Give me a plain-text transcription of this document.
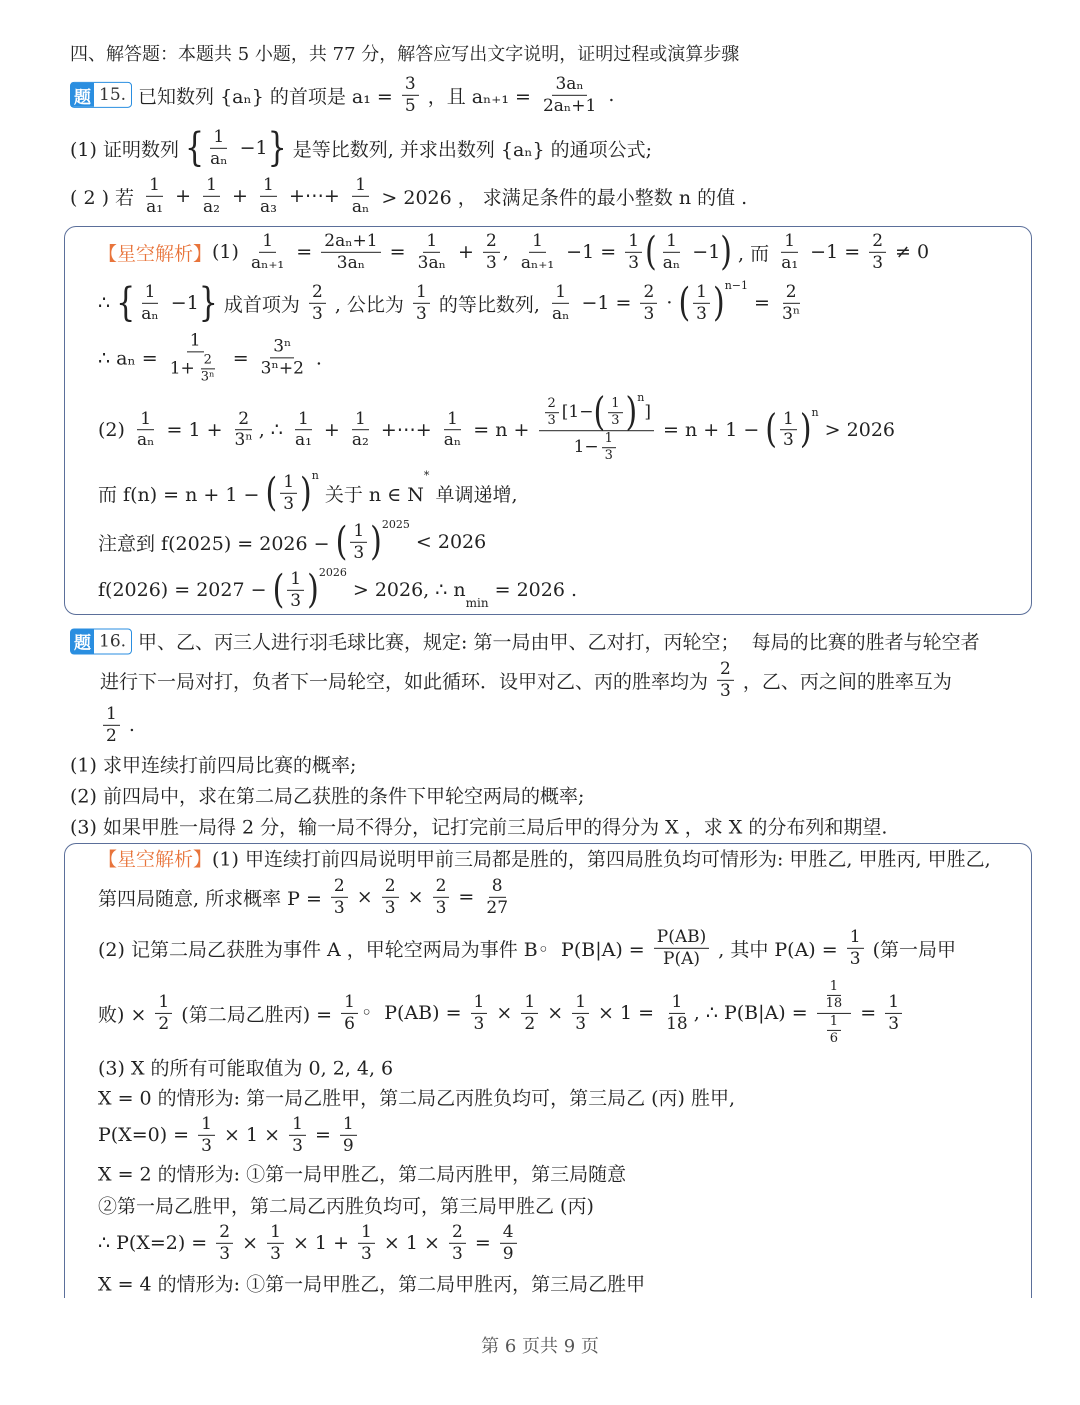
四、解答题：本题共 5 小题，共 77 分，解答应写出文字说明，证明过程或演算步骤
题 15. 已知数列 {aₙ} 的首项是 $a_1 = \frac{3}{5}$ ，且 $a_{n+1} = \frac{\text{3aₙ}}{\text{2aₙ+1}}$ .
(1) 证明数列 { $\frac{1}{\text{aₙ}} -1$ } 是等比数列, 并求出数列 {aₙ} 的通项公式;
( 2 ) 若 $\frac{1}{\text{a₁}} + \frac{1}{\text{a₂}} + \frac{1}{\text{a₃}}$ +⋯+ $\frac{1}{\text{aₙ}} > 2026$ ， 求满足条件的最小整数 n 的值 .
【星空解析】 $(1) \frac{1}{\text{aₙ₊₁}} = \frac{\text{2aₙ+1}}{\text{3aₙ}} = \frac{1}{\text{3aₙ}} + \frac{2}{3}$ , $\frac{1}{\text{aₙ₊₁}} -1 = \frac{1}{3}$ ( $\frac{1}{\text{aₙ}} -1$ ) , 而 $\frac{1}{\text{a₁}} -1 = \frac{2}{3} \ne 0$
∴ { $\frac{1}{\text{aₙ}} -1$ } 成首项为 $\frac{2}{3}$ , 公比为 $\frac{1}{3}$ 的等比数列, $\frac{1}{\text{aₙ}} -1 = \frac{2}{3}$ · ( $\frac{1}{3}$ ) n−1
= $\frac{2}{\text{3ⁿ}}$
∴ $a_n = \frac{1}{1+ \frac{2}{\text{3ⁿ}}} = \frac{\text{3ⁿ}}{\text{3ⁿ+2}}$ .
$(2) \frac{1}{\text{aₙ}} = 1 + \frac{2}{\text{3ⁿ}}$ , ∴ $\frac{1}{\text{a₁}} + \frac{1}{\text{a₂}}$ +⋯+ $\frac{1}{\text{aₙ}} = n + \frac{2}{3} [1-$ ( $\frac{1}{3}$ ) n
]
$1- \frac{1}{3} = n + 1$ − ( $\frac{1}{3}$ ) n
> 2026
而 f(n) = n + 1 − ( $\frac{1}{3}$ ) n
关于 n ∈ N
*
单调递增,
注意到 f(2025) = 2026 − ( $\frac{1}{3}$ ) 2025
< 2026
f(2026) = 2027 − ( $\frac{1}{3}$ ) 2026
> 2026, ∴ n
min
= 2026 .
题 16. 甲、乙、丙三人进行羽毛球比赛，规定: 第一局由甲、乙对打，丙轮空；  每局的比赛的胜者与轮空者
进行下一局对打，负者下一局轮空，如此循环．设甲对乙、丙的胜率均为 $\frac{2}{3}$ ，乙、丙之间的胜率互为
$\frac{1}{2}$ .
(1) 求甲连续打前四局比赛的概率;
(2) 前四局中，求在第二局乙获胜的条件下甲轮空两局的概率;
(3) 如果甲胜一局得 2 分，输一局不得分，记打完前三局后甲的得分为 X ，求 X 的分布列和期望.
【星空解析】 (1) 甲连续打前四局说明甲前三局都是胜的，第四局胜负均可情形为: 甲胜乙, 甲胜丙, 甲胜乙,
第四局随意, 所求概率 $P = \frac{2}{3} \times \frac{2}{3} \times \frac{2}{3} = \frac{8}{27}$
(2) 记第二局乙获胜为事件 A ，甲轮空两局为事件 B◦  $P(B|A) = \frac{P(AB)}{P(A)}$ , 其中 $P(A) = \frac{1}{3}$ (第一局甲
败) × $\frac{1}{2}$ (第二局乙胜丙) = $\frac{1}{6}$ ◦  $P(AB) = \frac{1}{3} \times \frac{1}{2} \times \frac{1}{3} \times 1 = \frac{1}{18}$ , ∴ $P(B|A) = \frac{\frac{1}{18}}{\frac{1}{6}} = \frac{1}{3}$
(3) X 的所有可能取值为 0, 2, 4, 6
X = 0 的情形为: 第一局乙胜甲，第二局乙丙胜负均可，第三局乙 (丙) 胜甲,
$P(X=0) = \frac{1}{3} \times 1 \times \frac{1}{3} = \frac{1}{9}$
X = 2 的情形为: ①第一局甲胜乙，第二局丙胜甲，第三局随意
②第一局乙胜甲，第二局乙丙胜负均可，第三局甲胜乙 (丙)
∴ $P(X=2) = \frac{2}{3} \times \frac{1}{3} \times 1 + \frac{1}{3} \times 1 \times \frac{2}{3} = \frac{4}{9}$
X = 4 的情形为: ①第一局甲胜乙，第二局甲胜丙，第三局乙胜甲
第 6 页共 9 页
